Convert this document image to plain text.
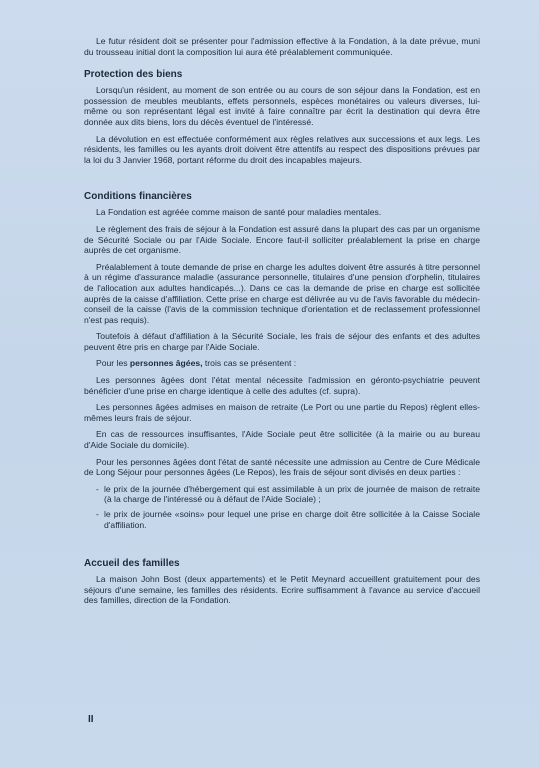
Le futur résident doit se présenter pour l'admission effective à la Fondation, à la date prévue, muni du trousseau initial dont la composition lui aura été préalablement communiquée.

Protection des biens

Lorsqu'un résident, au moment de son entrée ou au cours de son séjour dans la Fondation, est en possession de meubles meublants, effets personnels, espèces monétaires ou valeurs diverses, lui-même ou son représentant légal est invité à faire connaître par écrit la destination qui devra être donnée aux dits biens, lors du décès éventuel de l'intéressé.

La dévolution en est effectuée conformément aux règles relatives aux successions et aux legs. Les résidents, les familles ou les ayants droit doivent être attentifs au respect des dispositions prévues par la loi du 3 Janvier 1968, portant réforme du droit des incapables majeurs.

Conditions financières

La Fondation est agréée comme maison de santé pour maladies mentales.

Le règlement des frais de séjour à la Fondation est assuré dans la plupart des cas par un organisme de Sécurité Sociale ou par l'Aide Sociale. Encore faut-il solliciter préalablement la prise en charge auprès de cet organisme.

Préalablement à toute demande de prise en charge les adultes doivent être assurés à titre personnel à un régime d'assurance maladie (assurance personnelle, titulaires d'une pension d'orphelin, titulaires de l'allocation aux adultes handicapés...). Dans ce cas la demande de prise en charge est sollicitée auprès de la caisse d'affiliation. Cette prise en charge est délivrée au vu de l'avis favorable du médecin-conseil de la caisse (l'avis de la commission technique d'orientation et de reclassement professionnel n'est pas requis).

Toutefois à défaut d'affiliation à la Sécurité Sociale, les frais de séjour des enfants et des adultes peuvent être pris en charge par l'Aide Sociale.

Pour les personnes âgées, trois cas se présentent :

Les personnes âgées dont l'état mental nécessite l'admission en géronto-psychiatrie peuvent bénéficier d'une prise en charge identique à celle des adultes (cf. supra).

Les personnes âgées admises en maison de retraite (Le Port ou une partie du Repos) règlent elles-mêmes leurs frais de séjour.

En cas de ressources insuffisantes, l'Aide Sociale peut être sollicitée (à la mairie ou au bureau d'Aide Sociale du domicile).

Pour les personnes âgées dont l'état de santé nécessite une admission au Centre de Cure Médicale de Long Séjour pour personnes âgées (Le Repos), les frais de séjour sont divisés en deux parties :

- le prix de la journée d'hébergement qui est assimilable à un prix de journée de maison de retraite (à la charge de l'intéressé ou à défaut de l'Aide Sociale) ;
- le prix de journée «soins» pour lequel une prise en charge doit être sollicitée à la Caisse Sociale d'affiliation.
Accueil des familles

La maison John Bost (deux appartements) et le Petit Meynard accueillent gratuitement pour des séjours d'une semaine, les familles des résidents. Ecrire suffisamment à l'avance au service d'accueil des familles, direction de la Fondation.

II
